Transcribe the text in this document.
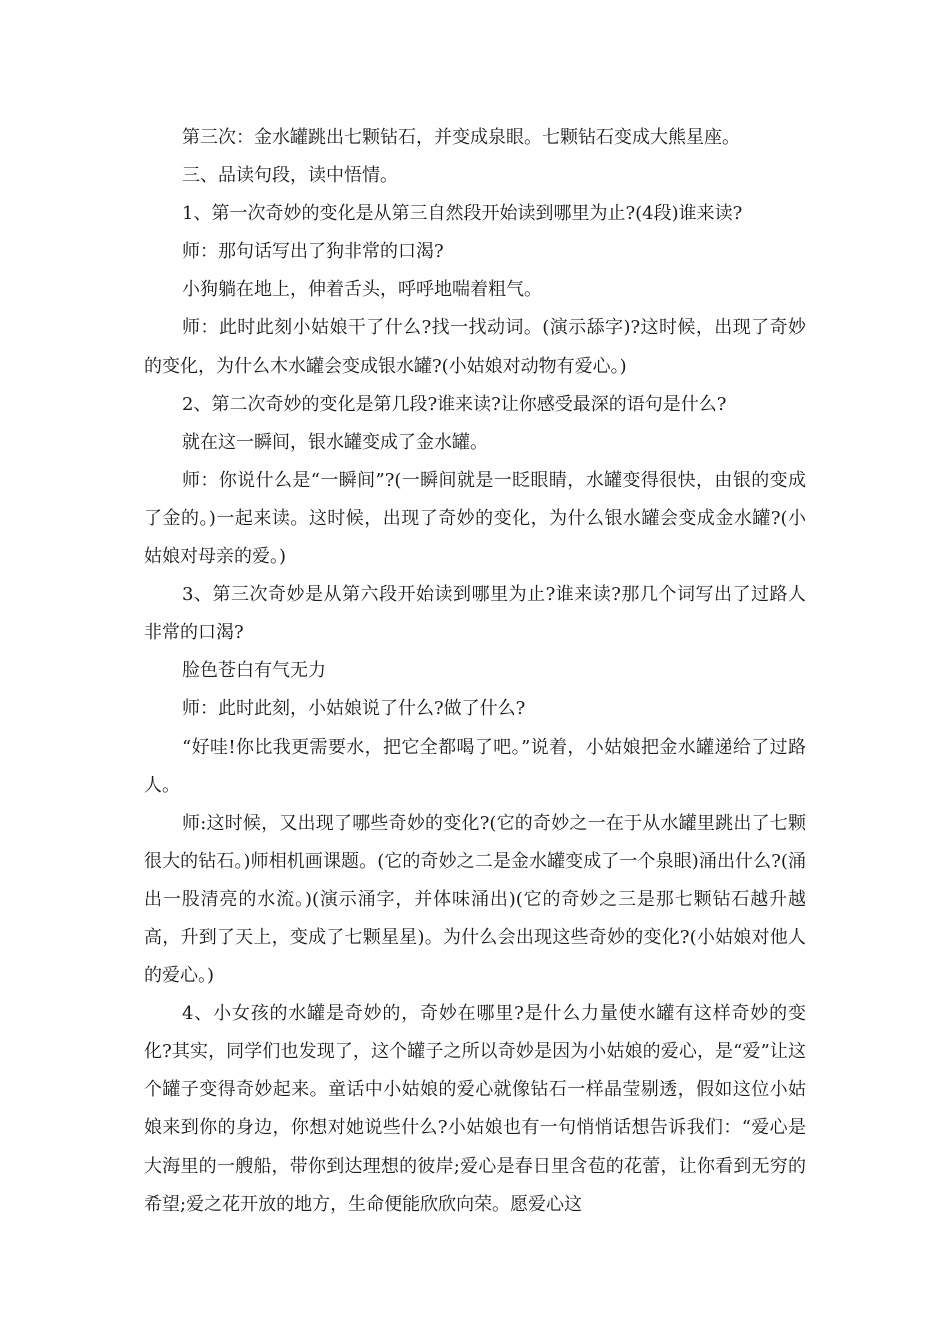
第三次：金水罐跳出七颗钻石，并变成泉眼。七颗钻石变成大熊星座。

三、品读句段，读中悟情。

1、第一次奇妙的变化是从第三自然段开始读到哪里为止?(4段)谁来读?

师：那句话写出了狗非常的口渴?

小狗躺在地上，伸着舌头，呼呼地喘着粗气。

师：此时此刻小姑娘干了什么?找一找动词。(演示舔字)?这时候，出现了奇妙的变化，为什么木水罐会变成银水罐?(小姑娘对动物有爱心。)

2、第二次奇妙的变化是第几段?谁来读?让你感受最深的语句是什么?

就在这一瞬间，银水罐变成了金水罐。

师：你说什么是“一瞬间”?(一瞬间就是一眨眼睛，水罐变得很快，由银的变成了金的。)一起来读。这时候，出现了奇妙的变化，为什么银水罐会变成金水罐?(小姑娘对母亲的爱。)

3、第三次奇妙是从第六段开始读到哪里为止?谁来读?那几个词写出了过路人非常的口渴?

脸色苍白有气无力

师：此时此刻，小姑娘说了什么?做了什么?

“好哇!你比我更需要水，把它全都喝了吧。”说着，小姑娘把金水罐递给了过路人。

师:这时候，又出现了哪些奇妙的变化?(它的奇妙之一在于从水罐里跳出了七颗很大的钻石。)师相机画课题。(它的奇妙之二是金水罐变成了一个泉眼)涌出什么?(涌出一股清亮的水流。)(演示涌字，并体味涌出)(它的奇妙之三是那七颗钻石越升越高，升到了天上，变成了七颗星星)。为什么会出现这些奇妙的变化?(小姑娘对他人的爱心。)

4、小女孩的水罐是奇妙的，奇妙在哪里?是什么力量使水罐有这样奇妙的变化?其实，同学们也发现了，这个罐子之所以奇妙是因为小姑娘的爱心，是“爱”让这个罐子变得奇妙起来。童话中小姑娘的爱心就像钻石一样晶莹剔透，假如这位小姑娘来到你的身边，你想对她说些什么?小姑娘也有一句悄悄话想告诉我们：“爱心是大海里的一艘船，带你到达理想的彼岸;爱心是春日里含苞的花蕾，让你看到无穷的希望;爱之花开放的地方，生命便能欣欣向荣。愿爱心这
